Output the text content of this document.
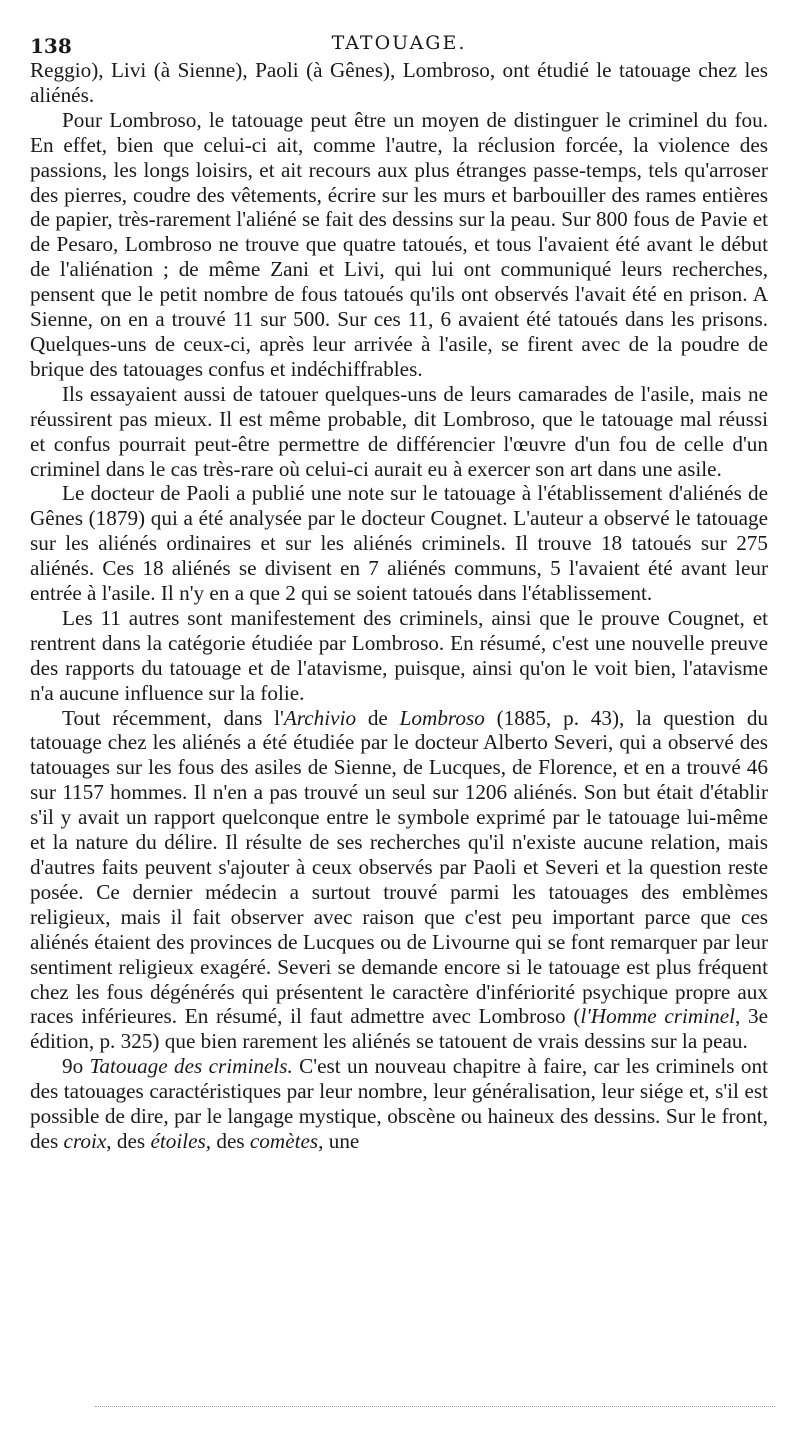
138	TATOUAGE.

Reggio), Livi (à Sienne), Paoli (à Gênes), Lombroso, ont étudié le tatouage chez les aliénés.

Pour Lombroso, le tatouage peut être un moyen de distinguer le criminel du fou. En effet, bien que celui-ci ait, comme l'autre, la réclusion forcée, la violence des passions, les longs loisirs, et ait recours aux plus étranges passe-temps, tels qu'arroser des pierres, coudre des vêtements, écrire sur les murs et barbouiller des rames entières de papier, très-rarement l'aliéné se fait des dessins sur la peau. Sur 800 fous de Pavie et de Pesaro, Lombroso ne trouve que quatre tatoués, et tous l'avaient été avant le début de l'aliénation ; de même Zani et Livi, qui lui ont communiqué leurs recherches, pensent que le petit nombre de fous tatoués qu'ils ont observés l'avait été en prison. A Sienne, on en a trouvé 11 sur 500. Sur ces 11, 6 avaient été tatoués dans les prisons. Quelques-uns de ceux-ci, après leur arrivée à l'asile, se firent avec de la poudre de brique des tatouages confus et indéchiffrables.

Ils essayaient aussi de tatouer quelques-uns de leurs camarades de l'asile, mais ne réussirent pas mieux. Il est même probable, dit Lombroso, que le tatouage mal réussi et confus pourrait peut-être permettre de différencier l'œuvre d'un fou de celle d'un criminel dans le cas très-rare où celui-ci aurait eu à exercer son art dans une asile.

Le docteur de Paoli a publié une note sur le tatouage à l'établissement d'aliénés de Gênes (1879) qui a été analysée par le docteur Cougnet. L'auteur a observé le tatouage sur les aliénés ordinaires et sur les aliénés criminels. Il trouve 18 tatoués sur 275 aliénés. Ces 18 aliénés se divisent en 7 aliénés communs, 5 l'avaient été avant leur entrée à l'asile. Il n'y en a que 2 qui se soient tatoués dans l'établissement.

Les 11 autres sont manifestement des criminels, ainsi que le prouve Cougnet, et rentrent dans la catégorie étudiée par Lombroso. En résumé, c'est une nouvelle preuve des rapports du tatouage et de l'atavisme, puisque, ainsi qu'on le voit bien, l'atavisme n'a aucune influence sur la folie.

Tout récemment, dans l'Archivio de Lombroso (1885, p. 43), la question du tatouage chez les aliénés a été étudiée par le docteur Alberto Severi, qui a observé des tatouages sur les fous des asiles de Sienne, de Lucques, de Florence, et en a trouvé 46 sur 1157 hommes. Il n'en a pas trouvé un seul sur 1206 aliénés. Son but était d'établir s'il y avait un rapport quelconque entre le symbole exprimé par le tatouage lui-même et la nature du délire. Il résulte de ses recherches qu'il n'existe aucune relation, mais d'autres faits peuvent s'ajouter à ceux observés par Paoli et Severi et la question reste posée. Ce dernier médecin a surtout trouvé parmi les tatouages des emblèmes religieux, mais il fait observer avec raison que c'est peu important parce que ces aliénés étaient des provinces de Lucques ou de Livourne qui se font remarquer par leur sentiment religieux exagéré. Severi se demande encore si le tatouage est plus fréquent chez les fous dégénérés qui présentent le caractère d'infériorité psychique propre aux races inférieures. En résumé, il faut admettre avec Lombroso (l'Homme criminel, 3e édition, p. 325) que bien rarement les aliénés se tatouent de vrais dessins sur la peau.

9o Tatouage des criminels. C'est un nouveau chapitre à faire, car les criminels ont des tatouages caractéristiques par leur nombre, leur généralisation, leur siége et, s'il est possible de dire, par le langage mystique, obscène ou haineux des dessins. Sur le front, des croix, des étoiles, des comètes, une
